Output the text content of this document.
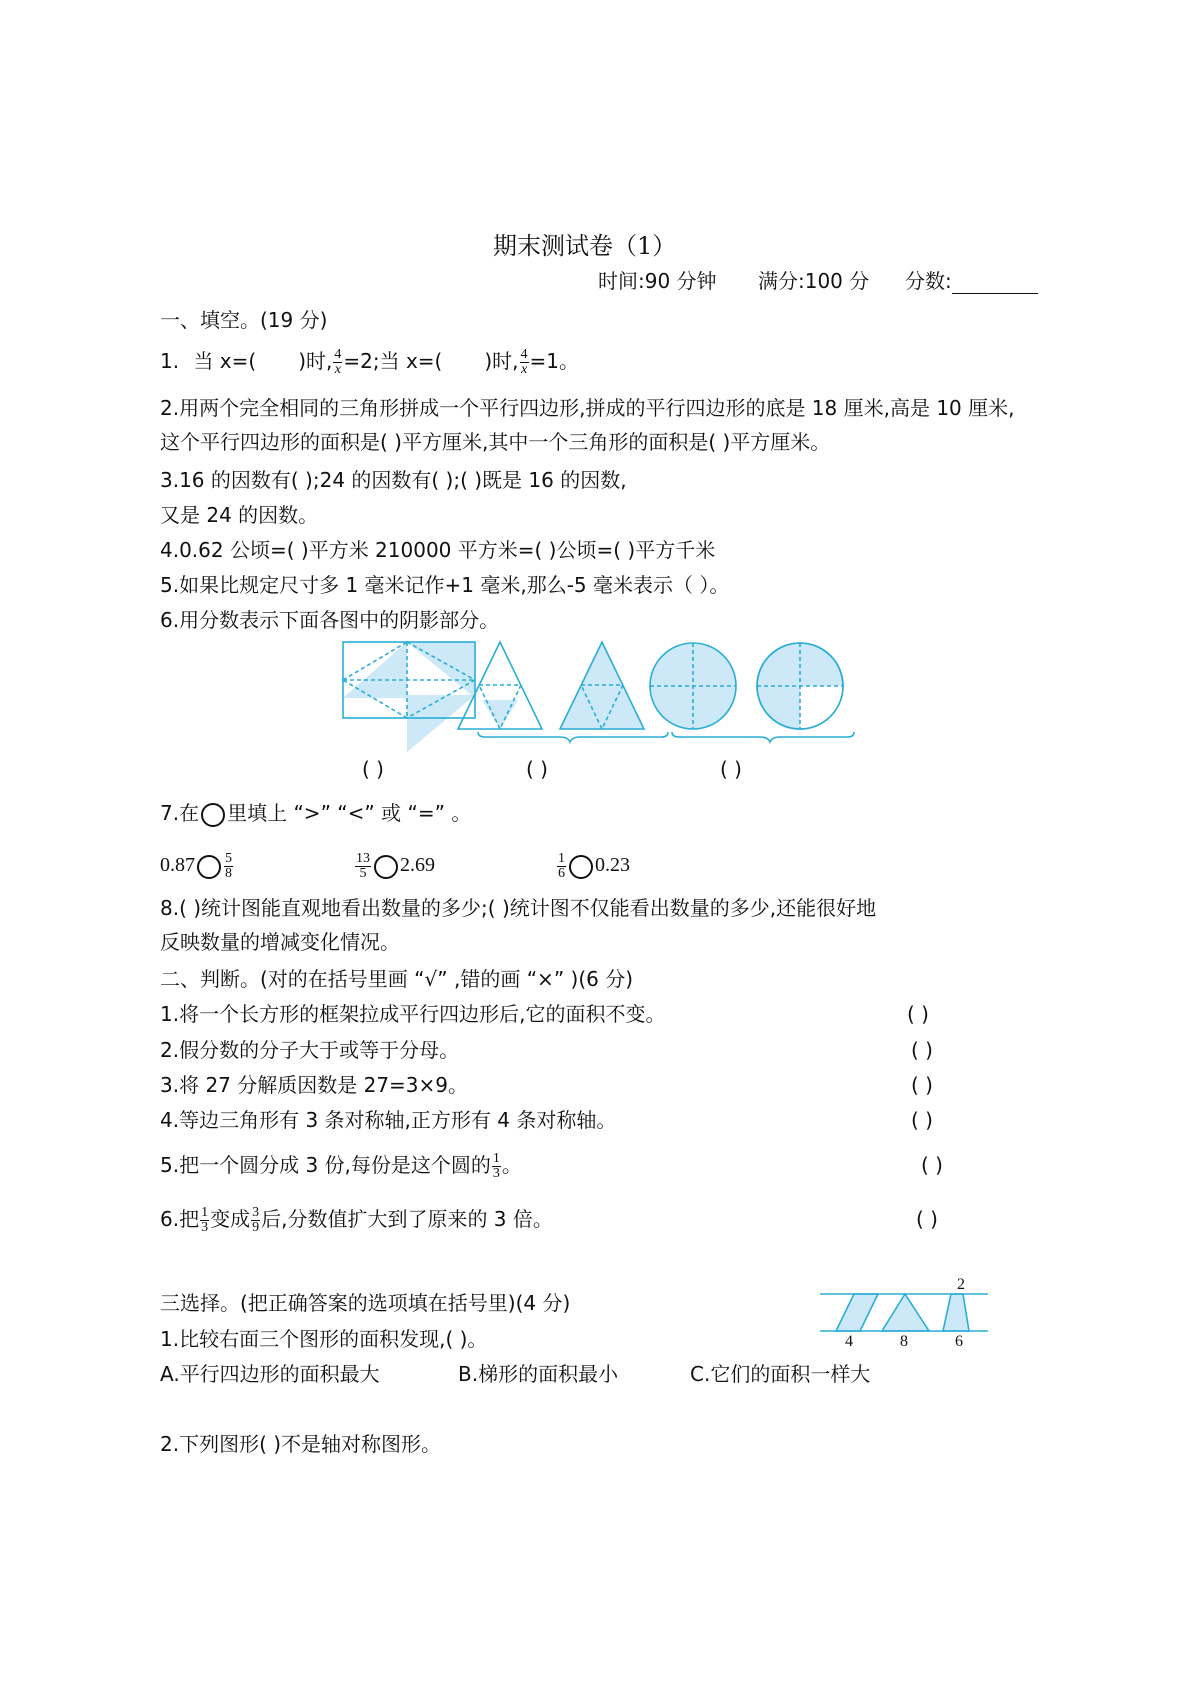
期末测试卷（1）
时间:90 分钟 满分:100 分 分数:
一、填空。(19 分)
1. 当 x=( )时, $\frac{4}{x} =2$;当 x=( )时, $\frac{4}{x} =1$。
2.用两个完全相同的三角形拼成一个平行四边形,拼成的平行四边形的底是 18 厘米,高是 10 厘米,
这个平行四边形的面积是( )平方厘米,其中一个三角形的面积是( )平方厘米。
3.16 的因数有( );24 的因数有( );( )既是 16 的因数,
又是 24 的因数。
4.0.62 公顷=( )平方米 210000 平方米=( )公顷=( )平方千米
5.如果比规定尺寸多 1 毫米记作+1 毫米,那么-5 毫米表示（ ）。
6.用分数表示下面各图中的阴影部分。
( )	( )	( )
7.在 里填上 “>” “<” 或 “=” 。
$0.87 \frac{5}{8}$	$\frac{13}{5} 2.69$	$\frac{1}{6} 0.23$
8.( )统计图能直观地看出数量的多少;( )统计图不仅能看出数量的多少,还能很好地
反映数量的增减变化情况。
二、判断。(对的在括号里画 “√” ,错的画 “×” )(6 分)
1.将一个长方形的框架拉成平行四边形后,它的面积不变。	( )
2.假分数的分子大于或等于分母。	( )
3.将 27 分解质因数是 27=3×9。	( )
4.等边三角形有 3 条对称轴,正方形有 4 条对称轴。	( )
5.把一个圆分成 3 份,每份是这个圆的 $\frac{1}{3}$ 。	( )
6.把 $\frac{1}{3}$ 变成 $\frac{3}{9}$ 后,分数值扩大到了原来的 3 倍。	( )
三选择。(把正确答案的选项填在括号里)(4 分)
1.比较右面三个图形的面积发现,( )。
A.平行四边形的面积最大	B.梯形的面积最小	C.它们的面积一样大
2
4	8	6
2.下列图形( )不是轴对称图形。
